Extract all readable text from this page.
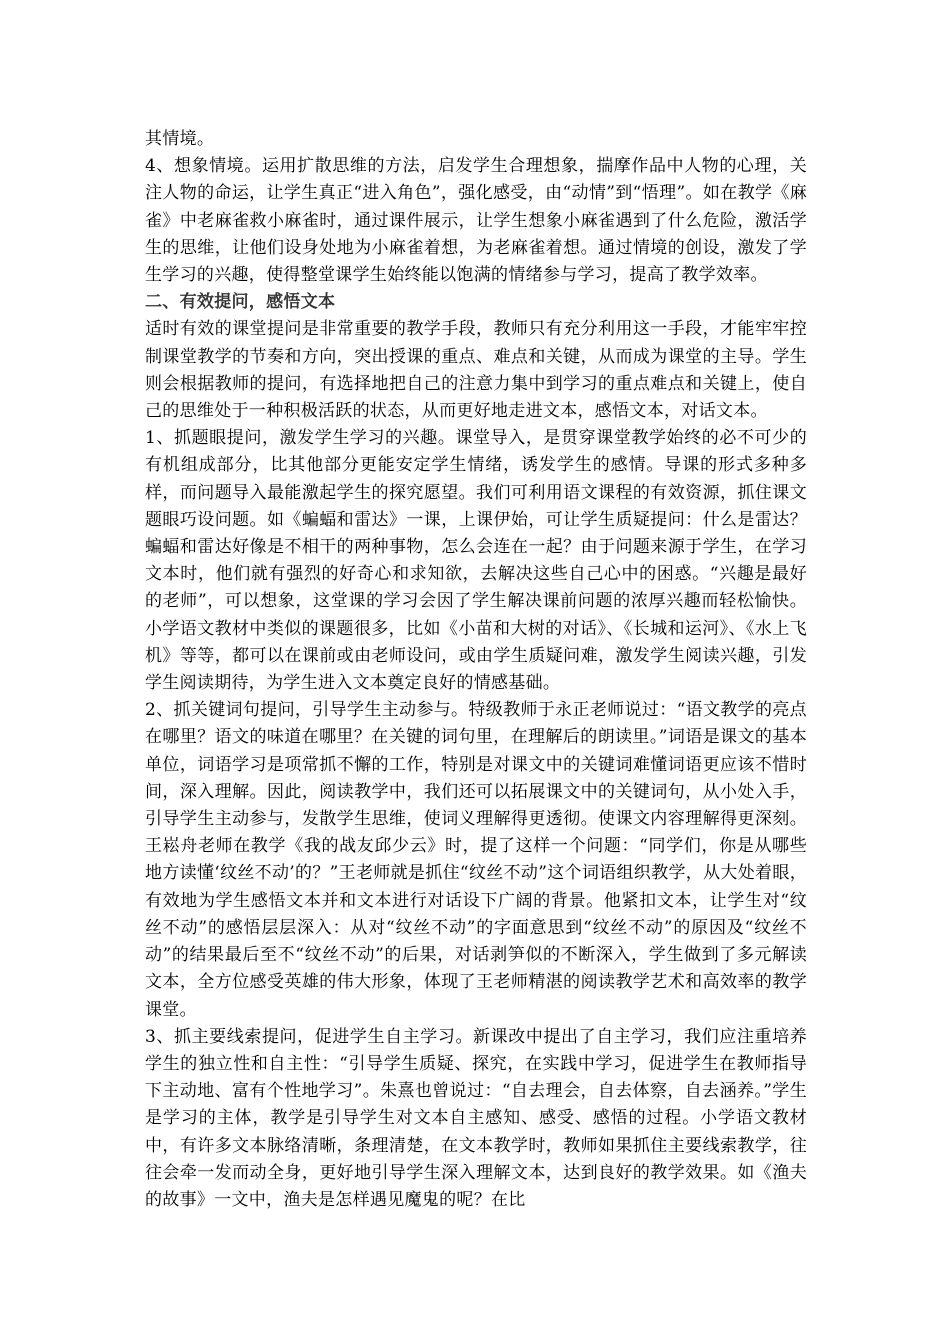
其情境。

4、想象情境。运用扩散思维的方法，启发学生合理想象，揣摩作品中人物的心理，关注人物的命运，让学生真正“进入角色”，强化感受，由“动情”到“悟理”。如在教学《麻雀》中老麻雀救小麻雀时，通过课件展示，让学生想象小麻雀遇到了什么危险，激活学生的思维，让他们设身处地为小麻雀着想，为老麻雀着想。通过情境的创设，激发了学生学习的兴趣，使得整堂课学生始终能以饱满的情绪参与学习，提高了教学效率。

二、有效提问，感悟文本

适时有效的课堂提问是非常重要的教学手段，教师只有充分利用这一手段，才能牢牢控制课堂教学的节奏和方向，突出授课的重点、难点和关键，从而成为课堂的主导。学生则会根据教师的提问，有选择地把自己的注意力集中到学习的重点难点和关键上，使自己的思维处于一种积极活跃的状态，从而更好地走进文本，感悟文本，对话文本。

1、抓题眼提问，激发学生学习的兴趣。课堂导入，是贯穿课堂教学始终的必不可少的有机组成部分，比其他部分更能安定学生情绪，诱发学生的感情。导课的形式多种多样，而问题导入最能激起学生的探究愿望。我们可利用语文课程的有效资源，抓住课文题眼巧设问题。如《蝙蝠和雷达》一课，上课伊始，可让学生质疑提问：什么是雷达？蝙蝠和雷达好像是不相干的两种事物，怎么会连在一起？由于问题来源于学生，在学习文本时，他们就有强烈的好奇心和求知欲，去解决这些自己心中的困惑。“兴趣是最好的老师”，可以想象，这堂课的学习会因了学生解决课前问题的浓厚兴趣而轻松愉快。小学语文教材中类似的课题很多，比如《小苗和大树的对话》、《长城和运河》、《水上飞机》等等，都可以在课前或由老师设问，或由学生质疑问难，激发学生阅读兴趣，引发学生阅读期待，为学生进入文本奠定良好的情感基础。

2、抓关键词句提问，引导学生主动参与。特级教师于永正老师说过：“语文教学的亮点在哪里？语文的味道在哪里？在关键的词句里，在理解后的朗读里。”词语是课文的基本单位，词语学习是项常抓不懈的工作，特别是对课文中的关键词难懂词语更应该不惜时间，深入理解。因此，阅读教学中，我们还可以拓展课文中的关键词句，从小处入手，引导学生主动参与，发散学生思维，使词义理解得更透彻。使课文内容理解得更深刻。王崧舟老师在教学《我的战友邱少云》时，提了这样一个问题：“同学们，你是从哪些地方读懂‘纹丝不动’的？”王老师就是抓住“纹丝不动”这个词语组织教学，从大处着眼，有效地为学生感悟文本并和文本进行对话设下广阔的背景。他紧扣文本，让学生对“纹丝不动”的感悟层层深入：从对“纹丝不动”的字面意思到“纹丝不动”的原因及“纹丝不动”的结果最后至不“纹丝不动”的后果，对话剥笋似的不断深入，学生做到了多元解读文本，全方位感受英雄的伟大形象，体现了王老师精湛的阅读教学艺术和高效率的教学课堂。

3、抓主要线索提问，促进学生自主学习。新课改中提出了自主学习，我们应注重培养学生的独立性和自主性：“引导学生质疑、探究，在实践中学习，促进学生在教师指导下主动地、富有个性地学习”。朱熹也曾说过：“自去理会，自去体察，自去涵养。”学生是学习的主体，教学是引导学生对文本自主感知、感受、感悟的过程。小学语文教材中，有许多文本脉络清晰，条理清楚，在文本教学时，教师如果抓住主要线索教学，往往会牵一发而动全身，更好地引导学生深入理解文本，达到良好的教学效果。如《渔夫的故事》一文中，渔夫是怎样遇见魔鬼的呢？在比
